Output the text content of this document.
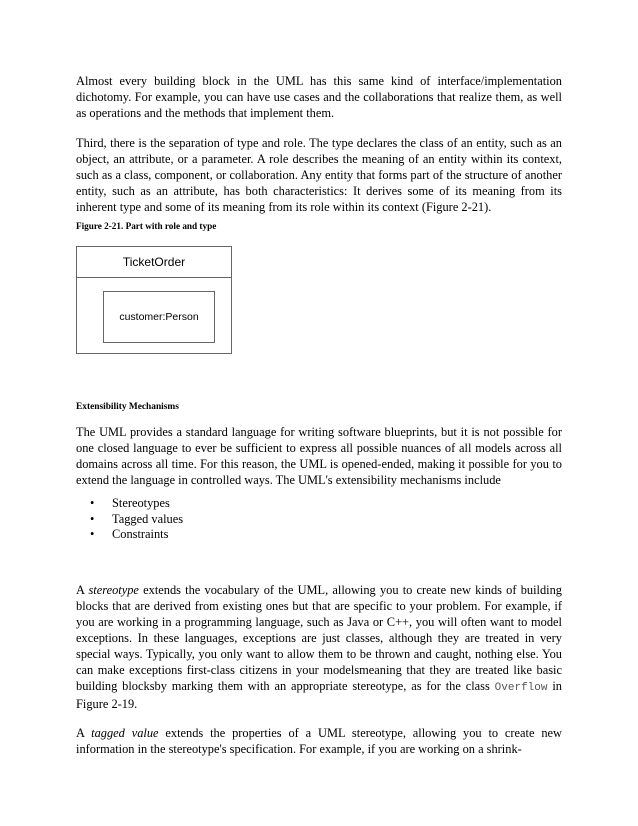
Almost every building block in the UML has this same kind of interface/implementation dichotomy. For example, you can have use cases and the collaborations that realize them, as well as operations and the methods that implement them.

Third, there is the separation of type and role. The type declares the class of an entity, such as an object, an attribute, or a parameter. A role describes the meaning of an entity within its context, such as a class, component, or collaboration. Any entity that forms part of the structure of another entity, such as an attribute, has both characteristics: It derives some of its meaning from its inherent type and some of its meaning from its role within its context (Figure 2-21).

Figure 2-21. Part with role and type

TicketOrder
customer:Person

Extensibility Mechanisms

The UML provides a standard language for writing software blueprints, but it is not possible for one closed language to ever be sufficient to express all possible nuances of all models across all domains across all time. For this reason, the UML is opened-ended, making it possible for you to extend the language in controlled ways. The UML's extensibility mechanisms include

• Stereotypes
• Tagged values
• Constraints

A stereotype extends the vocabulary of the UML, allowing you to create new kinds of building blocks that are derived from existing ones but that are specific to your problem. For example, if you are working in a programming language, such as Java or C++, you will often want to model exceptions. In these languages, exceptions are just classes, although they are treated in very special ways. Typically, you only want to allow them to be thrown and caught, nothing else. You can make exceptions first-class citizens in your modelsmeaning that they are treated like basic building blocksby marking them with an appropriate stereotype, as for the class Overflow in Figure 2-19.

A tagged value extends the properties of a UML stereotype, allowing you to create new information in the stereotype's specification. For example, if you are working on a shrink-
